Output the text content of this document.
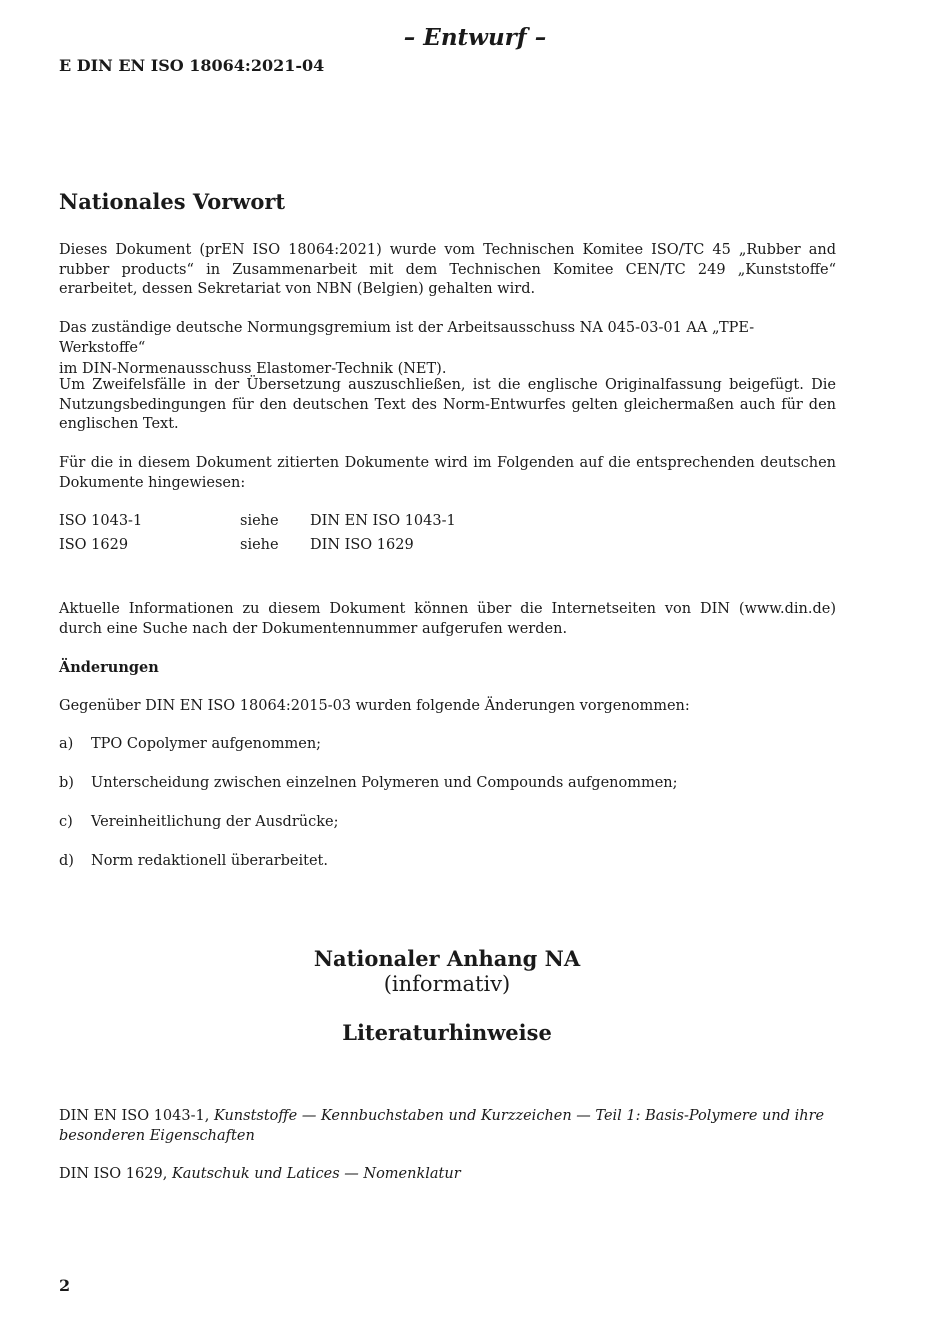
– Entwurf –
E DIN EN ISO 18064:2021-04
Nationales Vorwort
Dieses Dokument (prEN ISO 18064:2021) wurde vom Technischen Komitee ISO/TC 45 „Rubber and rubber products“ in Zusammenarbeit mit dem Technischen Komitee CEN/TC 249 „Kunststoffe“ erarbeitet, dessen Sekretariat von NBN (Belgien) gehalten wird.
Das zuständige deutsche Normungsgremium ist der Arbeitsausschuss NA 045-03-01 AA „TPE-Werkstoffe“
im DIN-Normenausschuss Elastomer-Technik (NET).
Um Zweifelsfälle in der Übersetzung auszuschließen, ist die englische Originalfassung beigefügt. Die Nutzungsbedingungen für den deutschen Text des Norm-Entwurfes gelten gleichermaßen auch für den englischen Text.
Für die in diesem Dokument zitierten Dokumente wird im Folgenden auf die entsprechenden deutschen Dokumente hingewiesen:
ISO 1043-1	siehe DIN EN ISO 1043-1
ISO 1629	siehe DIN ISO 1629
Aktuelle Informationen zu diesem Dokument können über die Internetseiten von DIN (www.din.de) durch eine Suche nach der Dokumentennummer aufgerufen werden.
Änderungen
Gegenüber DIN EN ISO 18064:2015-03 wurden folgende Änderungen vorgenommen:
a) TPO Copolymer aufgenommen;
b) Unterscheidung zwischen einzelnen Polymeren und Compounds aufgenommen;
c) Vereinheitlichung der Ausdrücke;
d) Norm redaktionell überarbeitet.
Nationaler Anhang NA
(informativ)
Literaturhinweise
DIN EN ISO 1043-1, Kunststoffe — Kennbuchstaben und Kurzzeichen — Teil 1: Basis-Polymere und ihre besonderen Eigenschaften
DIN ISO 1629, Kautschuk und Latices — Nomenklatur
2
